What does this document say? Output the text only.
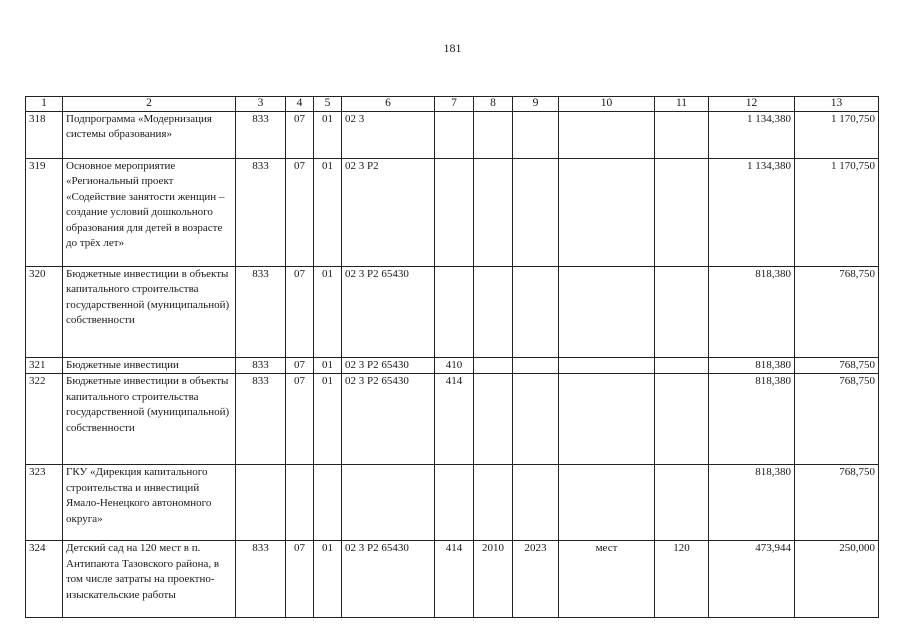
181
1	2	3	4	5	6	7	8	9	10	11	12	13
318	Подпрограмма «Модернизация системы образования»	833	07	01	02 3						1 134,380	1 170,750
319	Основное мероприятие «Региональный проект «Содействие занятости женщин – создание условий дошкольного образования для детей в возрасте до трёх лет»	833	07	01	02 3 P2						1 134,380	1 170,750
320	Бюджетные инвестиции в объекты капитального строительства государственной (муниципальной) собственности	833	07	01	02 3 P2 65430						818,380	768,750
321	Бюджетные инвестиции	833	07	01	02 3 P2 65430	410					818,380	768,750
322	Бюджетные инвестиции в объекты капитального строительства государственной (муниципальной) собственности	833	07	01	02 3 P2 65430	414					818,380	768,750
323	ГКУ «Дирекция капитального строительства и инвестиций Ямало-Ненецкого автономного округа»										818,380	768,750
324	Детский сад на 120 мест в п. Антипаюта Тазовского района, в том числе затраты на проектно-изыскательские работы	833	07	01	02 3 P2 65430	414	2010	2023	мест	120	473,944	250,000
